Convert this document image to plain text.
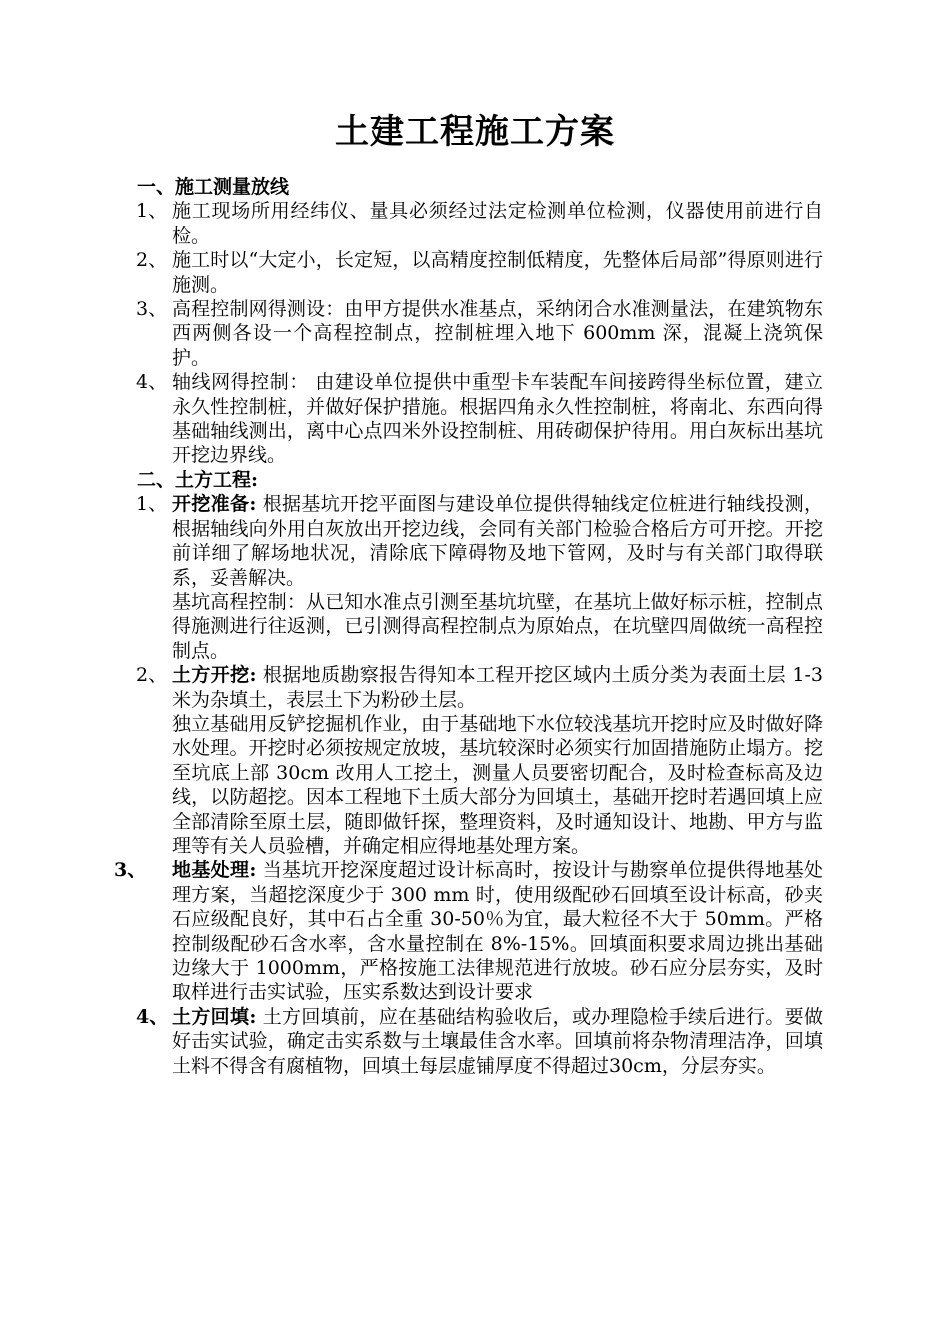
土建工程施工方案
一、施工测量放线
1、 施工现场所用经纬仪、量具必须经过法定检测单位检测，仪器使用前进行自检。
2、 施工时以“大定小，长定短，以高精度控制低精度，先整体后局部”得原则进行施测。
3、 高程控制网得测设：由甲方提供水准基点，采纳闭合水准测量法，在建筑物东西两侧各设一个高程控制点，控制桩埋入地下 600mm 深，混凝上浇筑保护。
4、 轴线网得控制： 由建设单位提供中重型卡车装配车间接跨得坐标位置，建立永久性控制桩，并做好保护措施。根据四角永久性控制桩，将南北、东西向得基础轴线测出，离中心点四米外设控制桩、用砖砌保护待用。用白灰标出基坑开挖边界线。
二、土方工程:
1、 开挖准备: 根据基坑开挖平面图与建设单位提供得轴线定位桩进行轴线投测，根据轴线向外用白灰放出开挖边线，会同有关部门检验合格后方可开挖。开挖前详细了解场地状况，清除底下障碍物及地下管网，及时与有关部门取得联系，妥善解决。
基坑高程控制：从已知水准点引测至基坑坑壁，在基坑上做好标示桩，控制点得施测进行往返测，已引测得高程控制点为原始点，在坑壁四周做统一高程控制点。
2、 土方开挖: 根据地质勘察报告得知本工程开挖区域内土质分类为表面土层 1-3 米为杂填土，表层土下为粉砂土层。
独立基础用反铲挖掘机作业，由于基础地下水位较浅基坑开挖时应及时做好降水处理。开挖时必须按规定放坡，基坑较深时必须实行加固措施防止塌方。挖至坑底上部 30cm 改用人工挖土，测量人员要密切配合，及时检查标高及边线，以防超挖。因本工程地下土质大部分为回填土，基础开挖时若遇回填上应全部清除至原土层，随即做钎探，整理资料，及时通知设计、地勘、甲方与监理等有关人员验槽，并确定相应得地基处理方案。
3、 地基处理: 当基坑开挖深度超过设计标高时，按设计与勘察单位提供得地基处理方案，当超挖深度少于 300 mm 时，使用级配砂石回填至设计标高，砂夹石应级配良好，其中石占全重 30-50％为宜，最大粒径不大于 50mm。严格控制级配砂石含水率，含水量控制在 8%-15%。回填面积要求周边挑出基础边缘大于 1000mm，严格按施工法律规范进行放坡。砂石应分层夯实，及时取样进行击实试验，压实系数达到设计要求
4、 土方回填: 土方回填前，应在基础结构验收后，或办理隐检手续后进行。要做好击实试验，确定击实系数与土壤最佳含水率。回填前将杂物清理洁净，回填土料不得含有腐植物，回填土每层虚铺厚度不得超过30cm，分层夯实。
